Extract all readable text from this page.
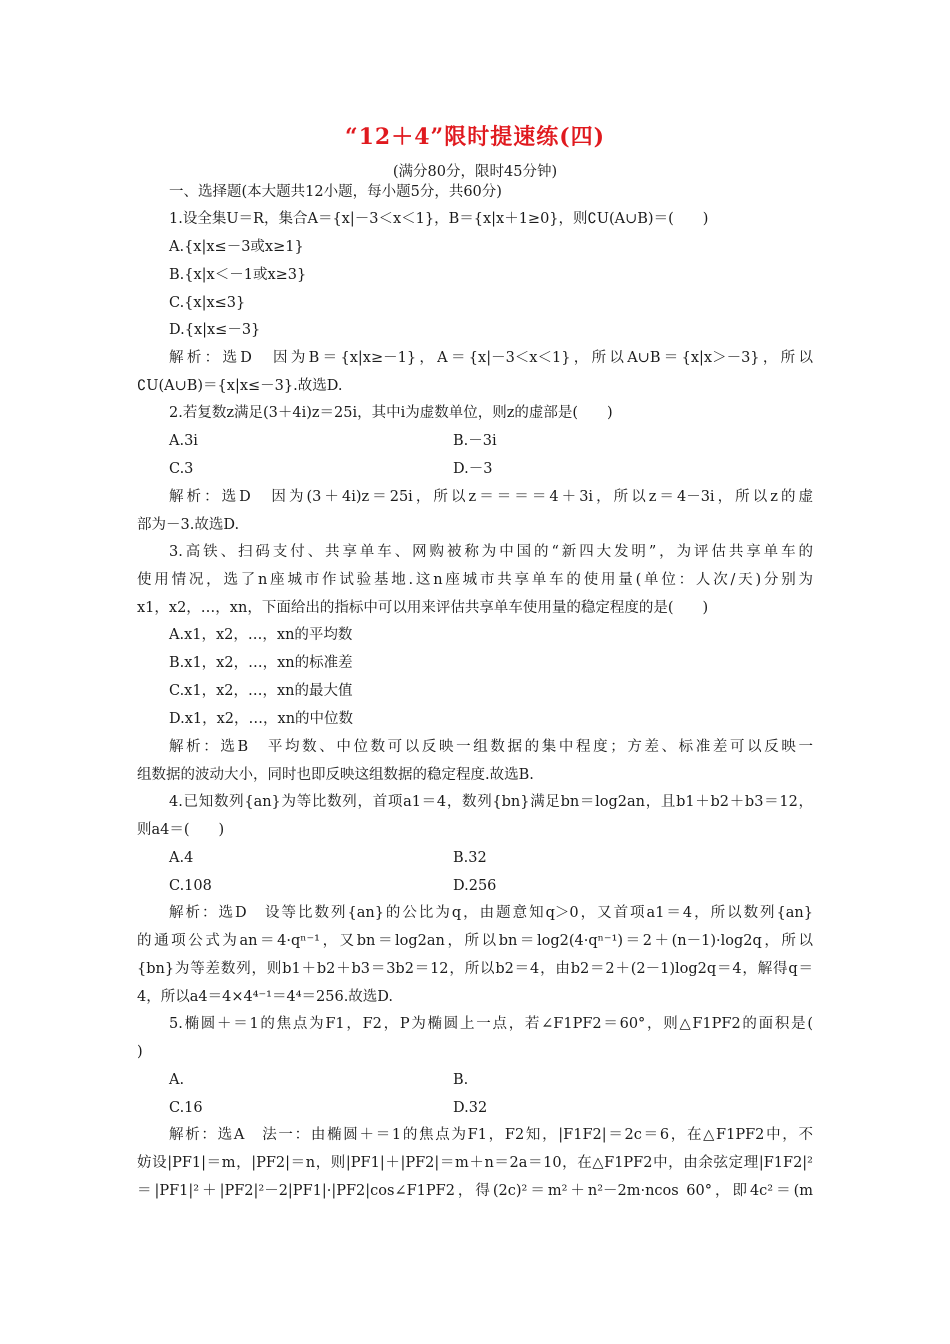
“12＋4”限时提速练(四)
(满分80分，限时45分钟)
一、选择题(本大题共12小题，每小题5分，共60分)
1.设全集U＝R，集合A＝{x|－3＜x＜1}，B＝{x|x＋1≥0}，则∁U(A∪B)＝(　　)
A.{x|x≤－3或x≥1}
B.{x|x＜－1或x≥3}
C.{x|x≤3}
D.{x|x≤－3}
解析：选D　因为B＝{x|x≥－1}，A＝{x|－3＜x＜1}，所以A∪B＝{x|x＞－3}，所以
∁U(A∪B)＝{x|x≤－3}.故选D.
2.若复数z满足(3＋4i)z＝25i，其中i为虚数单位，则z的虚部是(　　)
A.3i	B.－3i
C.3	D.－3
解析：选D　因为(3＋4i)z＝25i，所以z＝＝＝＝4＋3i，所以z＝4－3i，所以z的虚
部为－3.故选D.
3.高铁、扫码支付、共享单车、网购被称为中国的“新四大发明”，为评估共享单车的
使用情况，选了n座城市作试验基地.这n座城市共享单车的使用量(单位：人次/天)分别为
x1，x2，…，xn，下面给出的指标中可以用来评估共享单车使用量的稳定程度的是(　　)
A.x1，x2，…，xn的平均数
B.x1，x2，…，xn的标准差
C.x1，x2，…，xn的最大值
D.x1，x2，…，xn的中位数
解析：选B　平均数、中位数可以反映一组数据的集中程度；方差、标准差可以反映一
组数据的波动大小，同时也即反映这组数据的稳定程度.故选B.
4.已知数列{an}为等比数列，首项a1＝4，数列{bn}满足bn＝log2an，且b1＋b2＋b3＝12，
则a4＝(　　)
A.4	B.32
C.108	D.256
解析：选D　设等比数列{an}的公比为q，由题意知q＞0，又首项a1＝4，所以数列{an}
的通项公式为an＝4·qⁿ⁻¹，又bn＝log2an，所以bn＝log2(4·qⁿ⁻¹)＝2＋(n－1)·log2q，所以
{bn}为等差数列，则b1＋b2＋b3＝3b2＝12，所以b2＝4，由b2＝2＋(2－1)log2q＝4，解得q＝
4，所以a4＝4×4⁴⁻¹＝4⁴＝256.故选D.
5.椭圆＋＝1的焦点为F1，F2，P为椭圆上一点，若∠F1PF2＝60°，则△F1PF2的面积是(
)
A.	B.
C.16	D.32
解析：选A　法一：由椭圆＋＝1的焦点为F1，F2知，|F1F2|＝2c＝6，在△F1PF2中，不
妨设|PF1|＝m，|PF2|＝n，则|PF1|＋|PF2|＝m＋n＝2a＝10，在△F1PF2中，由余弦定理|F1F2|²
＝|PF1|²＋|PF2|²－2|PF1|·|PF2|cos∠F1PF2，得(2c)²＝m²＋n²－2m·ncos 60°，即4c²＝(m
